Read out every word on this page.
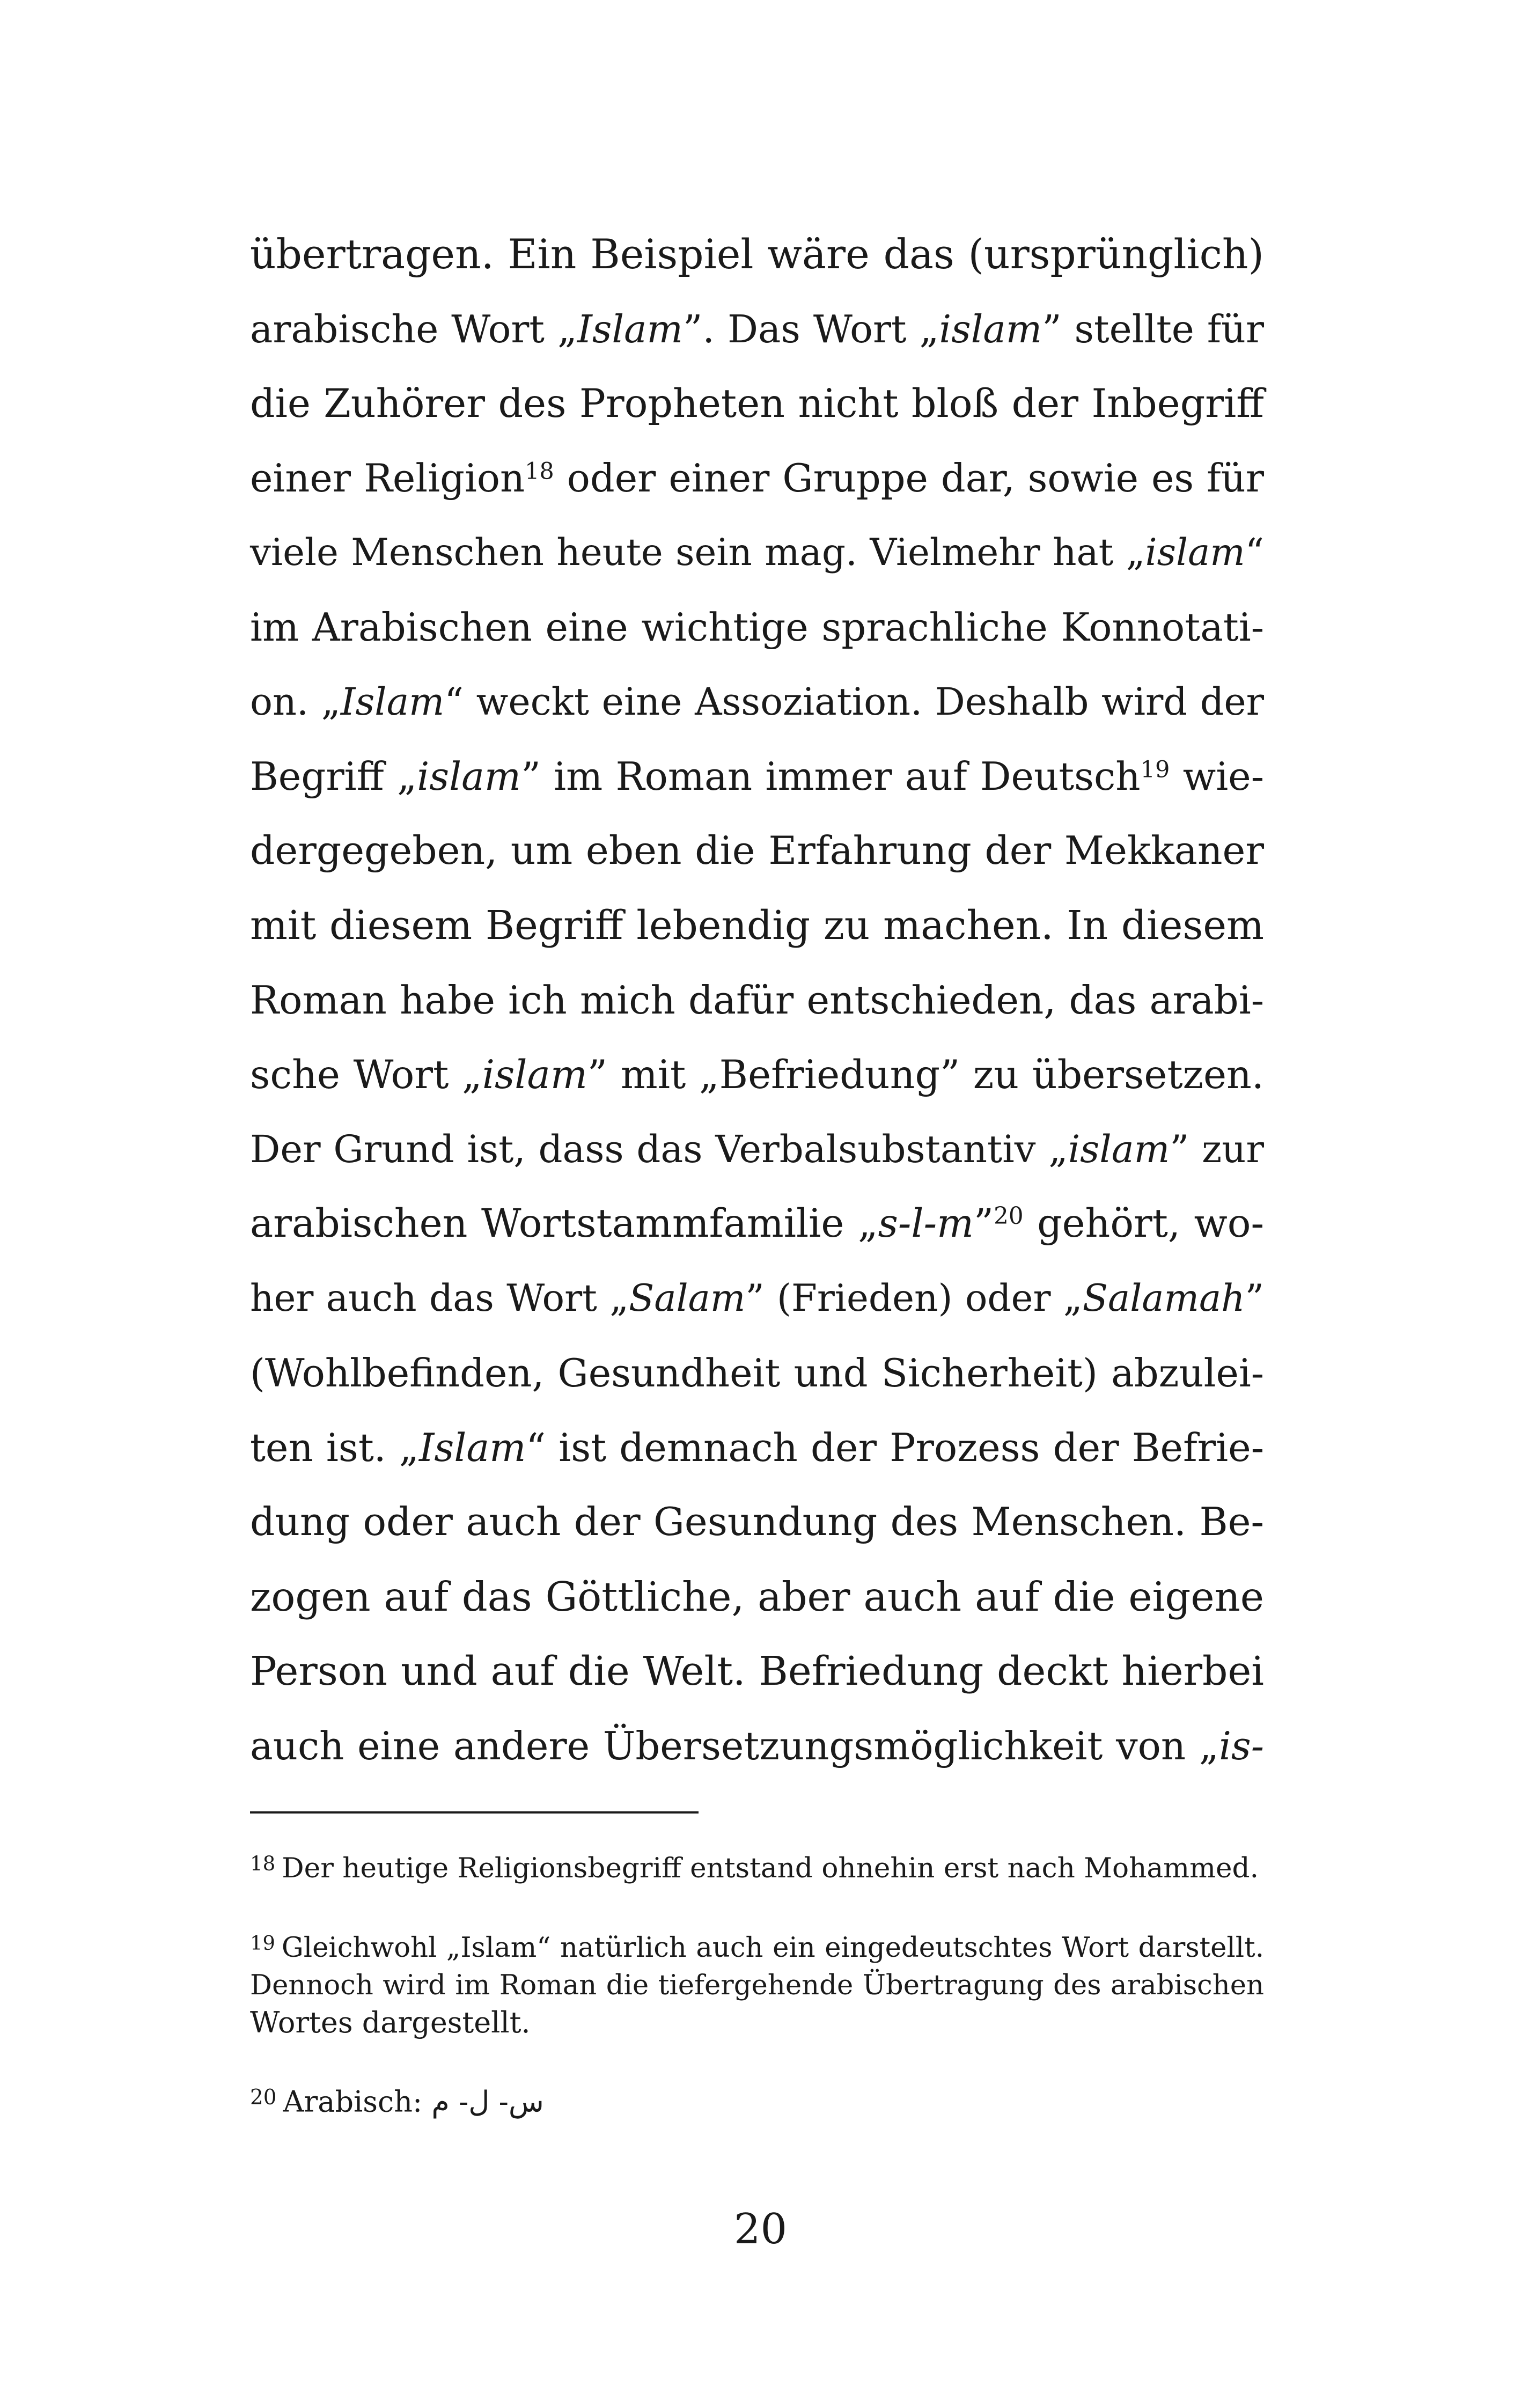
übertragen. Ein Beispiel wäre das (ursprünglich)
arabische Wort „Islam”. Das Wort „islam” stellte für
die Zuhörer des Propheten nicht bloß der Inbegriff
einer Religion$^{18}$ oder einer Gruppe dar, sowie es für
viele Menschen heute sein mag. Vielmehr hat „islam“
im Arabischen eine wichtige sprachliche Konnotati-
on. „Islam“ weckt eine Assoziation. Deshalb wird der
Begriff „islam” im Roman immer auf Deutsch$^{19}$ wie-
dergegeben, um eben die Erfahrung der Mekkaner
mit diesem Begriff lebendig zu machen. In diesem
Roman habe ich mich dafür entschieden, das arabi-
sche Wort „islam” mit „Befriedung” zu übersetzen.
Der Grund ist, dass das Verbalsubstantiv „islam” zur
arabischen Wortstammfamilie „s-l-m”$^{20}$ gehört, wo-
her auch das Wort „Salam” (Frieden) oder „Salamah”
(Wohlbefinden, Gesundheit und Sicherheit) abzulei-
ten ist. „Islam“ ist demnach der Prozess der Befrie-
dung oder auch der Gesundung des Menschen. Be-
zogen auf das Göttliche, aber auch auf die eigene
Person und auf die Welt. Befriedung deckt hierbei
auch eine andere Übersetzungsmöglichkeit von „is-
$^{18}$ Der heutige Religionsbegriff entstand ohnehin erst nach Mohammed.
$^{19}$ Gleichwohl „Islam“ natürlich auch ein eingedeutschtes Wort darstellt.
Dennoch wird im Roman die tiefergehende Übertragung des arabischen
Wortes dargestellt.
$^{20}$ Arabisch: س- ل- م
20
